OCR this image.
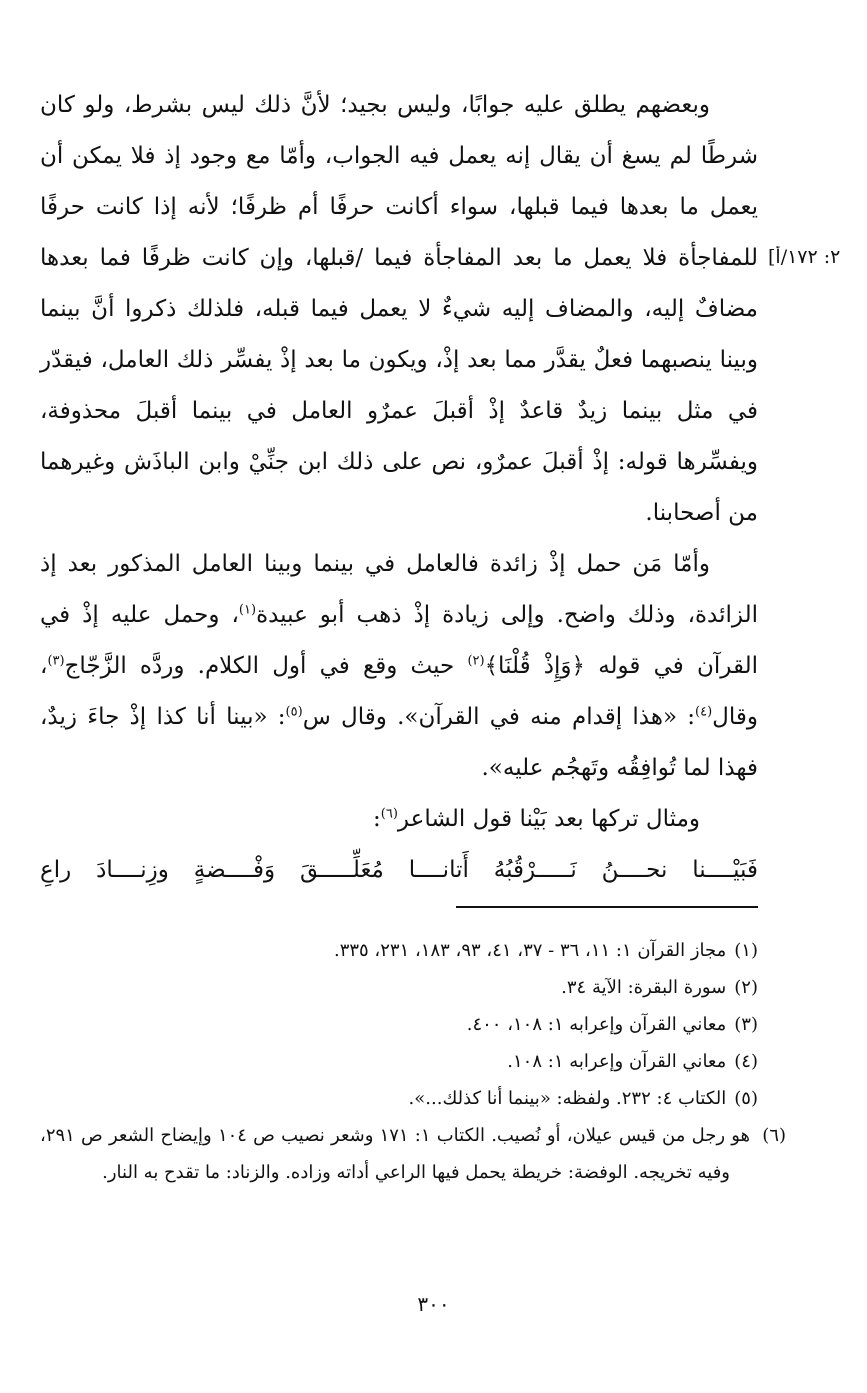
٢: ١٧٢/أ]

وبعضهم يطلق عليه جوابًا، وليس بجيد؛ لأنَّ ذلك ليس بشرط، ولو كان شرطًا لم يسغ أن يقال إنه يعمل فيه الجواب، وأمّا مع وجود إذ فلا يمكن أن يعمل ما بعدها فيما قبلها، سواء أكانت حرفًا أم ظرفًا؛ لأنه إذا كانت حرفًا للمفاجأة فلا يعمل ما بعد المفاجأة فيما /قبلها، وإن كانت ظرفًا فما بعدها مضافٌ إليه، والمضاف إليه شيءٌ لا يعمل فيما قبله، فلذلك ذكروا أنَّ بينما وبينا ينصبهما فعلٌ يقدَّر مما بعد إذْ، ويكون ما بعد إذْ يفسِّر ذلك العامل، فيقدّر في مثل بينما زيدٌ قاعدٌ إذْ أقبلَ عمرٌو العامل في بينما أقبلَ محذوفة، ويفسِّرها قوله: إذْ أقبلَ عمرٌو، نص على ذلك ابن جنِّيْ وابن الباذَش وغيرهما من أصحابنا.

وأمّا مَن حمل إذْ زائدة فالعامل في بينما وبينا العامل المذكور بعد إذ الزائدة، وذلك واضح. وإلى زيادة إذْ ذهب أبو عبيدة$^{(١)}$، وحمل عليه إذْ في القرآن في قوله ﴿وَإِذْ قُلْنَا﴾$^{(٢)}$ حيث وقع في أول الكلام. وردَّه الزَّجّاج$^{(٣)}$، وقال$^{(٤)}$: «هذا إقدام منه في القرآن». وقال س$^{(٥)}$: «بينا أنا كذا إذْ جاءَ زيدٌ، فهذا لما تُوافِقُه وتَهجُم عليه».

ومثال تركها بعد بَيْنا قول الشاعر$^{(٦)}$:

فَبَيْــــنا نحــــنُ نَـــــرْقُبُهُ أَتانــــا مُعَلِّـــــقَ وَفْــــضةٍ وزِنــــادَ راعِ

(١)مجاز القرآن ١: ١١، ٣٦ - ٣٧، ٤١، ٩٣، ١٨٣، ٢٣١، ٣٣٥.

(٢)سورة البقرة: الآية ٣٤.

(٣)معاني القرآن وإعرابه ١: ١٠٨، ٤٠٠.

(٤)معاني القرآن وإعرابه ١: ١٠٨.

(٥)الكتاب ٤: ٢٣٢. ولفظه: «بينما أنا كذلك...».

(٦)هو رجل من قيس عيلان، أو نُصيب. الكتاب ١: ١٧١ وشعر نصيب ص ١٠٤ وإيضاح الشعر ص ٢٩١، وفيه تخريجه. الوفضة: خريطة يحمل فيها الراعي أداته وزاده. والزناد: ما تقدح به النار.

٣٠٠
